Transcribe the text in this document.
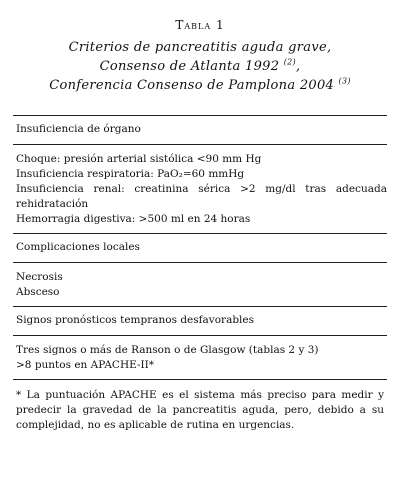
Tabla 1
Criterios de pancreatitis aguda grave,
Consenso de Atlanta 1992 $^{(2)}$,
Conferencia Consenso de Pamplona 2004 $^{(3)}$
Insuficiencia de órgano
Choque: presión arterial sistólica <90 mm Hg
Insuficiencia respiratoria: PaO₂=60 mmHg
Insuficiencia renal: creatinina sérica >2 mg/dl tras adecuada rehidratación
Hemorragia digestiva: >500 ml en 24 horas
Complicaciones locales
Necrosis
Absceso
Signos pronósticos tempranos desfavorables
Tres signos o más de Ranson o de Glasgow (tablas 2 y 3)
>8 puntos en APACHE-II*
* La puntuación APACHE es el sistema más preciso para medir y predecir la gravedad de la pancreatitis aguda, pero, debido a su complejidad, no es aplicable de rutina en urgencias.
